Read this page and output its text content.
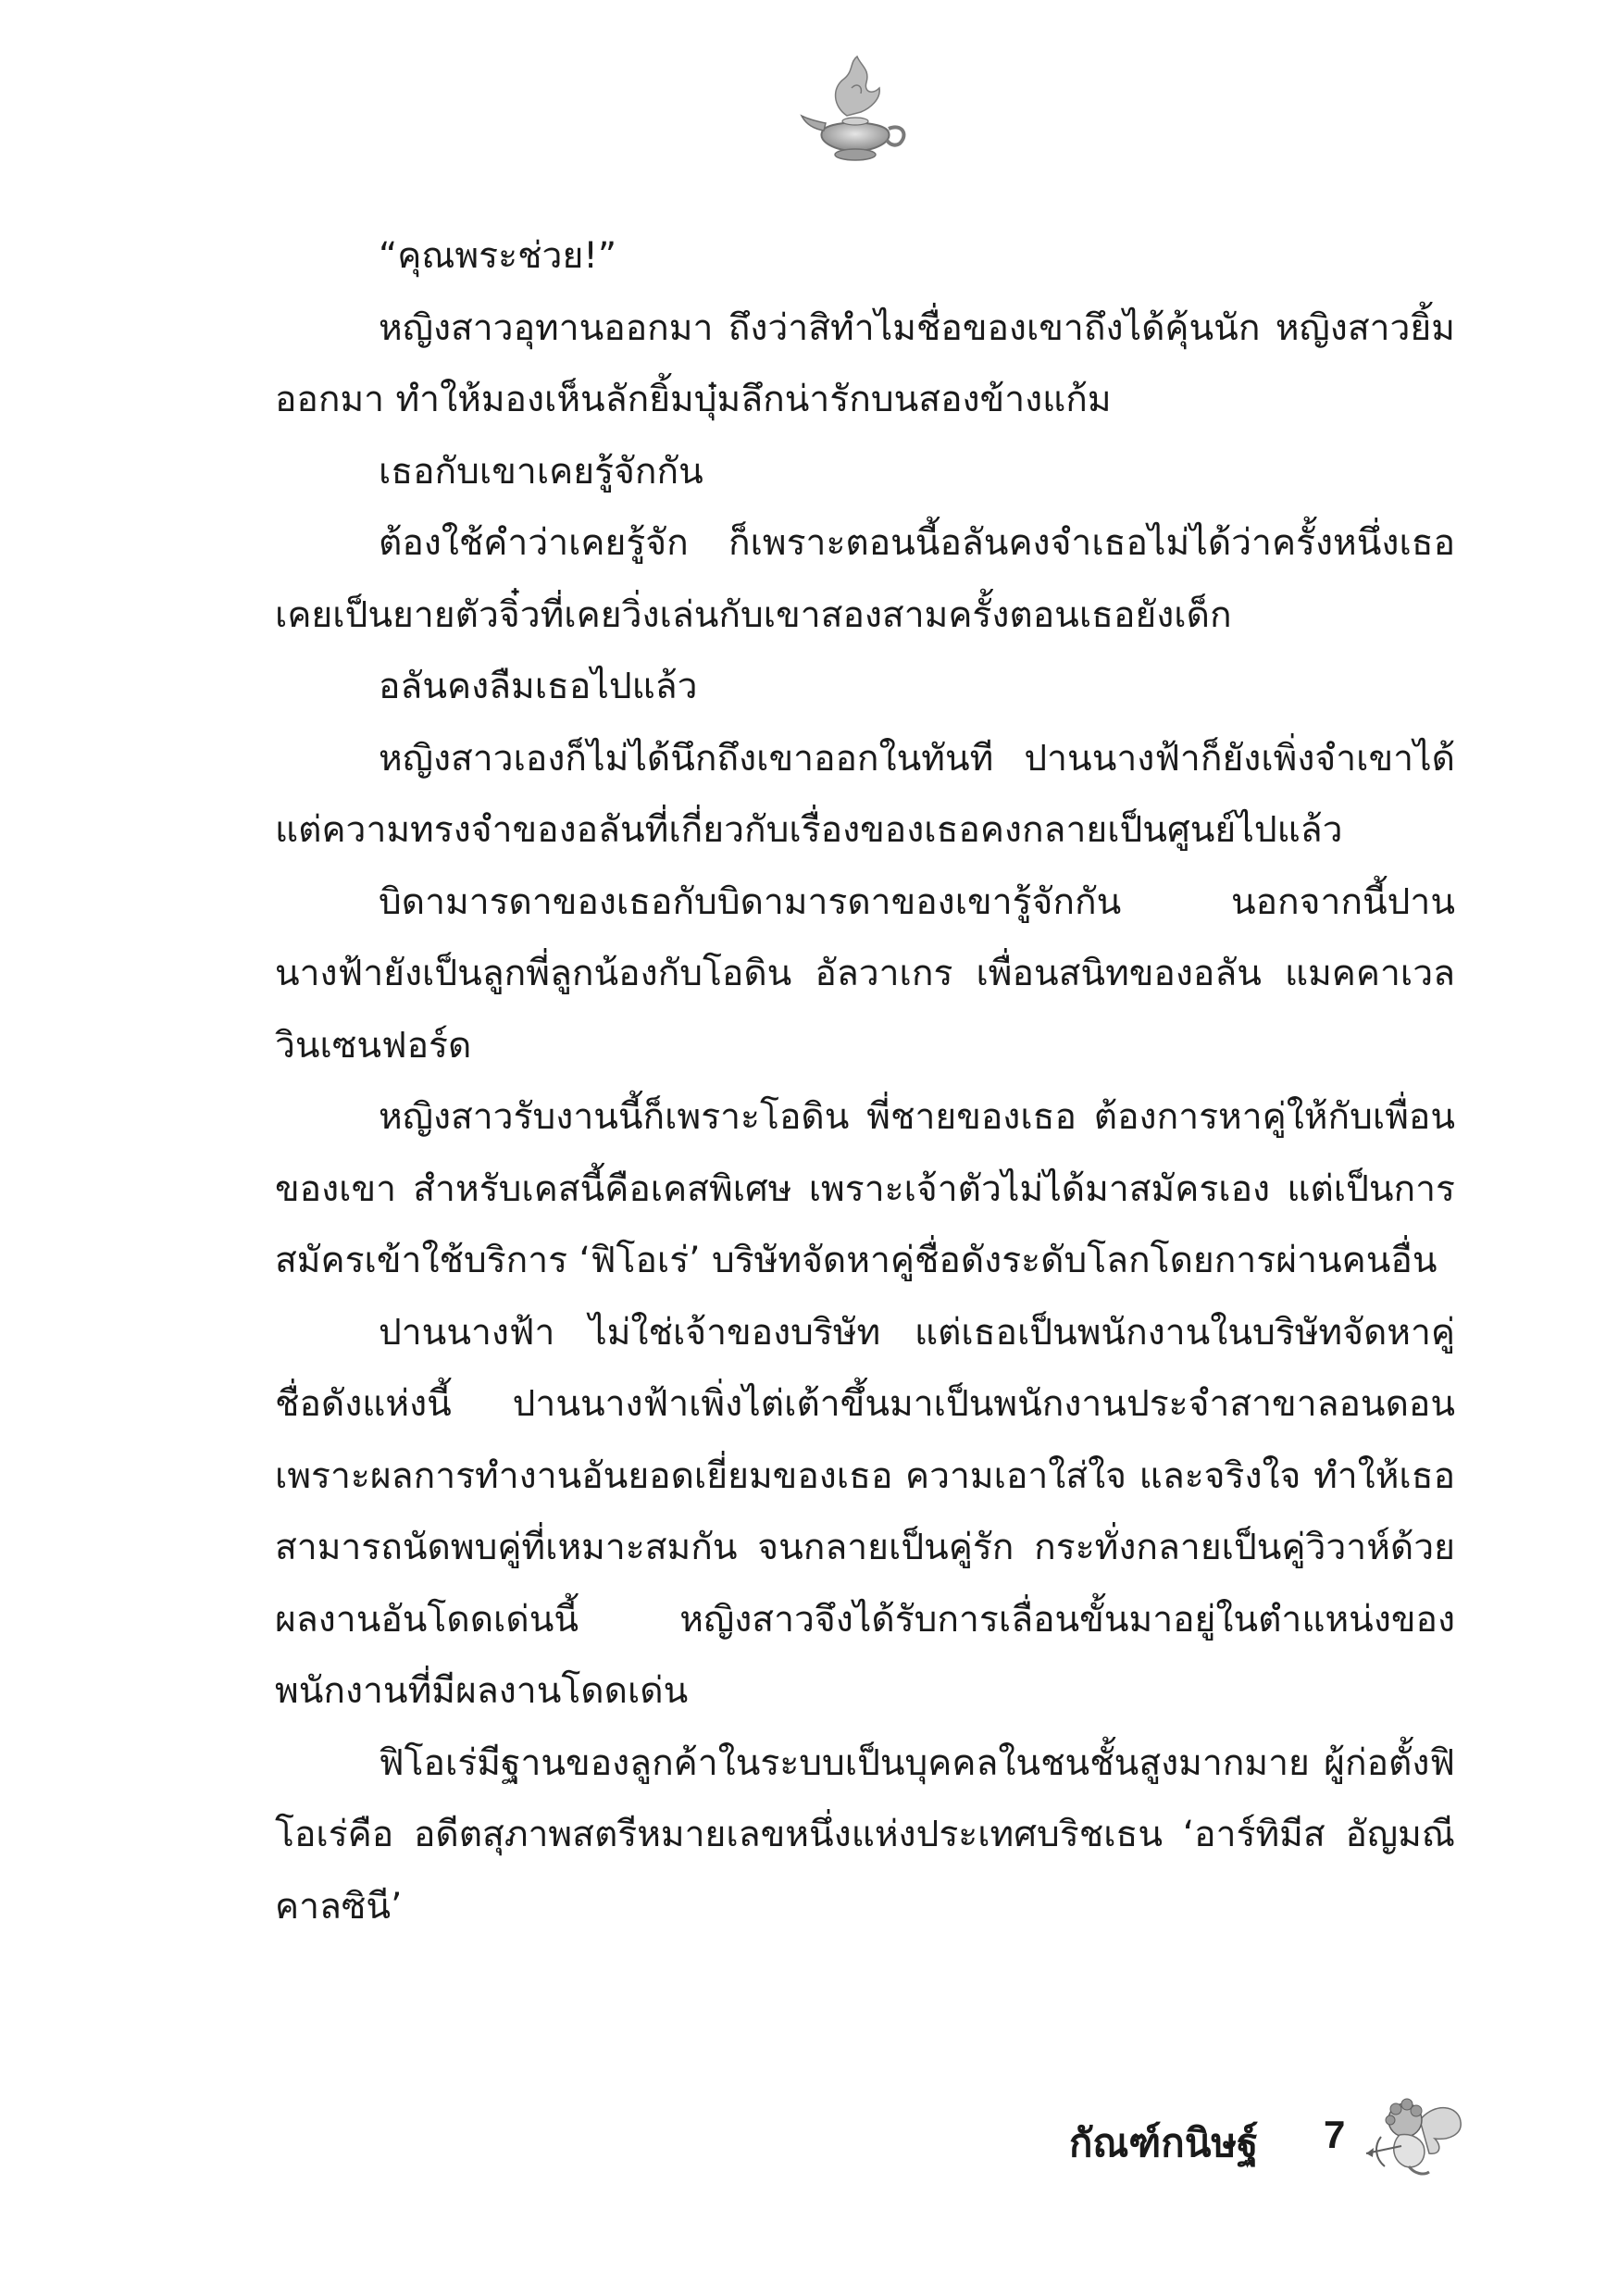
“คุณพระช่วย!”

หญิงสาวอุทานออกมา ถึงว่าสิทำไมชื่อของเขาถึงได้คุ้นนัก หญิงสาวยิ้มออกมา ทำให้มองเห็นลักยิ้มบุ๋มลึกน่ารักบนสองข้างแก้ม

เธอกับเขาเคยรู้จักกัน

ต้องใช้คำว่าเคยรู้จัก ก็เพราะตอนนี้อลันคงจำเธอไม่ได้ว่าครั้งหนึ่งเธอเคยเป็นยายตัวจิ๋วที่เคยวิ่งเล่นกับเขาสองสามครั้งตอนเธอยังเด็ก

อลันคงลืมเธอไปแล้ว

หญิงสาวเองก็ไม่ได้นึกถึงเขาออกในทันที ปานนางฟ้าก็ยังเพิ่งจำเขาได้ แต่ความทรงจำของอลันที่เกี่ยวกับเรื่องของเธอคงกลายเป็นศูนย์ไปแล้ว

บิดามารดาของเธอกับบิดามารดาของเขารู้จักกัน นอกจากนี้ปานนางฟ้ายังเป็นลูกพี่ลูกน้องกับโอดิน อัลวาเกร เพื่อนสนิทของอลัน แมคคาเวลวินเซนฟอร์ด

หญิงสาวรับงานนี้ก็เพราะโอดิน พี่ชายของเธอ ต้องการหาคู่ให้กับเพื่อนของเขา สำหรับเคสนี้คือเคสพิเศษ เพราะเจ้าตัวไม่ได้มาสมัครเอง แต่เป็นการสมัครเข้าใช้บริการ ‘ฟิโอเร่’ บริษัทจัดหาคู่ชื่อดังระดับโลกโดยการผ่านคนอื่น

ปานนางฟ้า ไม่ใช่เจ้าของบริษัท แต่เธอเป็นพนักงานในบริษัทจัดหาคู่ชื่อดังแห่งนี้ ปานนางฟ้าเพิ่งไต่เต้าขึ้นมาเป็นพนักงานประจำสาขาลอนดอนเพราะผลการทำงานอันยอดเยี่ยมของเธอ ความเอาใส่ใจ และจริงใจ ทำให้เธอสามารถนัดพบคู่ที่เหมาะสมกัน จนกลายเป็นคู่รัก กระทั่งกลายเป็นคู่วิวาห์ด้วยผลงานอันโดดเด่นนี้ หญิงสาวจึงได้รับการเลื่อนขั้นมาอยู่ในตำแหน่งของพนักงานที่มีผลงานโดดเด่น

ฟิโอเร่มีฐานของลูกค้าในระบบเป็นบุคคลในชนชั้นสูงมากมาย ผู้ก่อตั้งฟิโอเร่คือ อดีตสุภาพสตรีหมายเลขหนึ่งแห่งประเทศบริชเธน ‘อาร์ทิมีส อัญมณี คาลซินี’

กัณฑ์กนิษฐ์ 7
